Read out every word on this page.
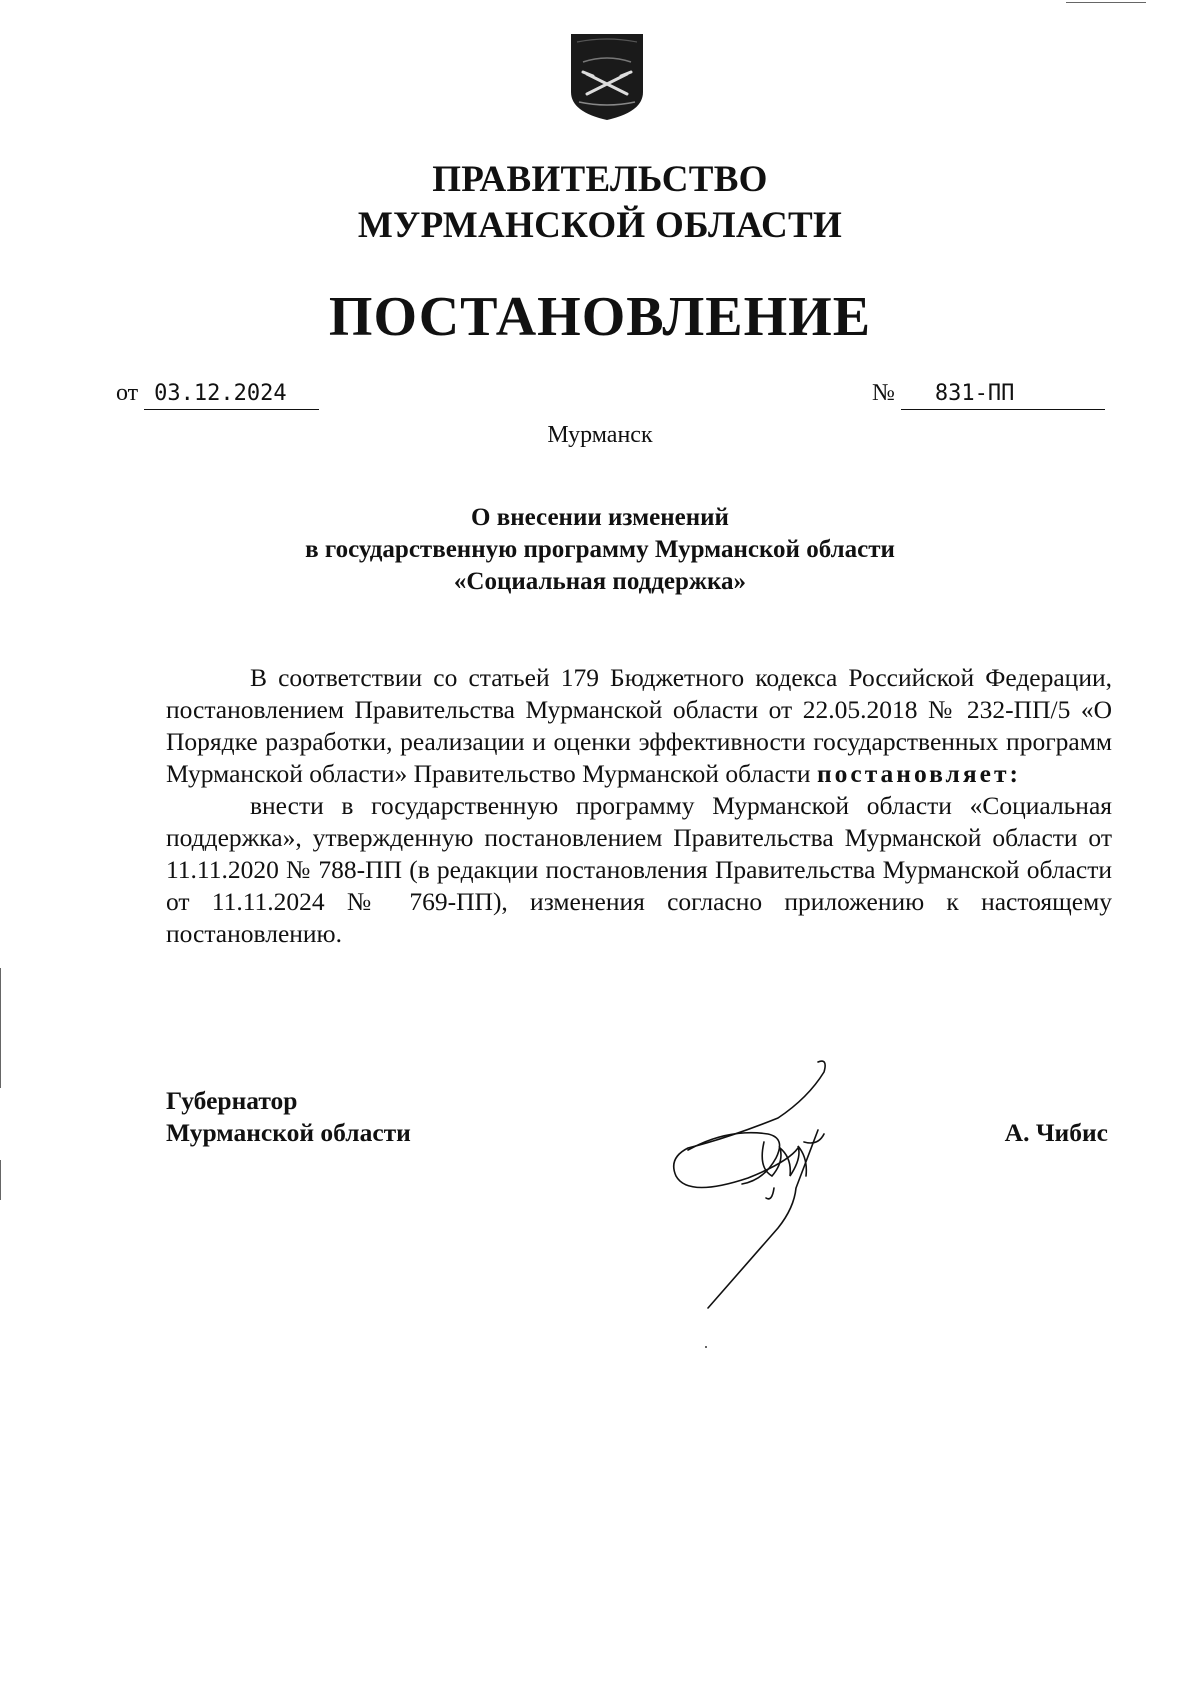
ПРАВИТЕЛЬСТВО
МУРМАНСКОЙ ОБЛАСТИ
ПОСТАНОВЛЕНИЕ
от 03.12.2024	№ 831-ПП
Мурманск
О внесении изменений
в государственную программу Мурманской области
«Социальная поддержка»

В соответствии со статьей 179 Бюджетного кодекса Российской Федерации, постановлением Правительства Мурманской области от 22.05.2018 № 232-ПП/5 «О Порядке разработки, реализации и оценки эффективности государственных программ Мурманской области» Правительство Мурманской области постановляет:

внести в государственную программу Мурманской области «Социальная поддержка», утвержденную постановлением Правительства Мурманской области от 11.11.2020 № 788-ПП (в редакции постановления Правительства Мурманской области от 11.11.2024 № 769-ПП), изменения согласно приложению к настоящему постановлению.

Губернатор
Мурманской области	А. Чибис
